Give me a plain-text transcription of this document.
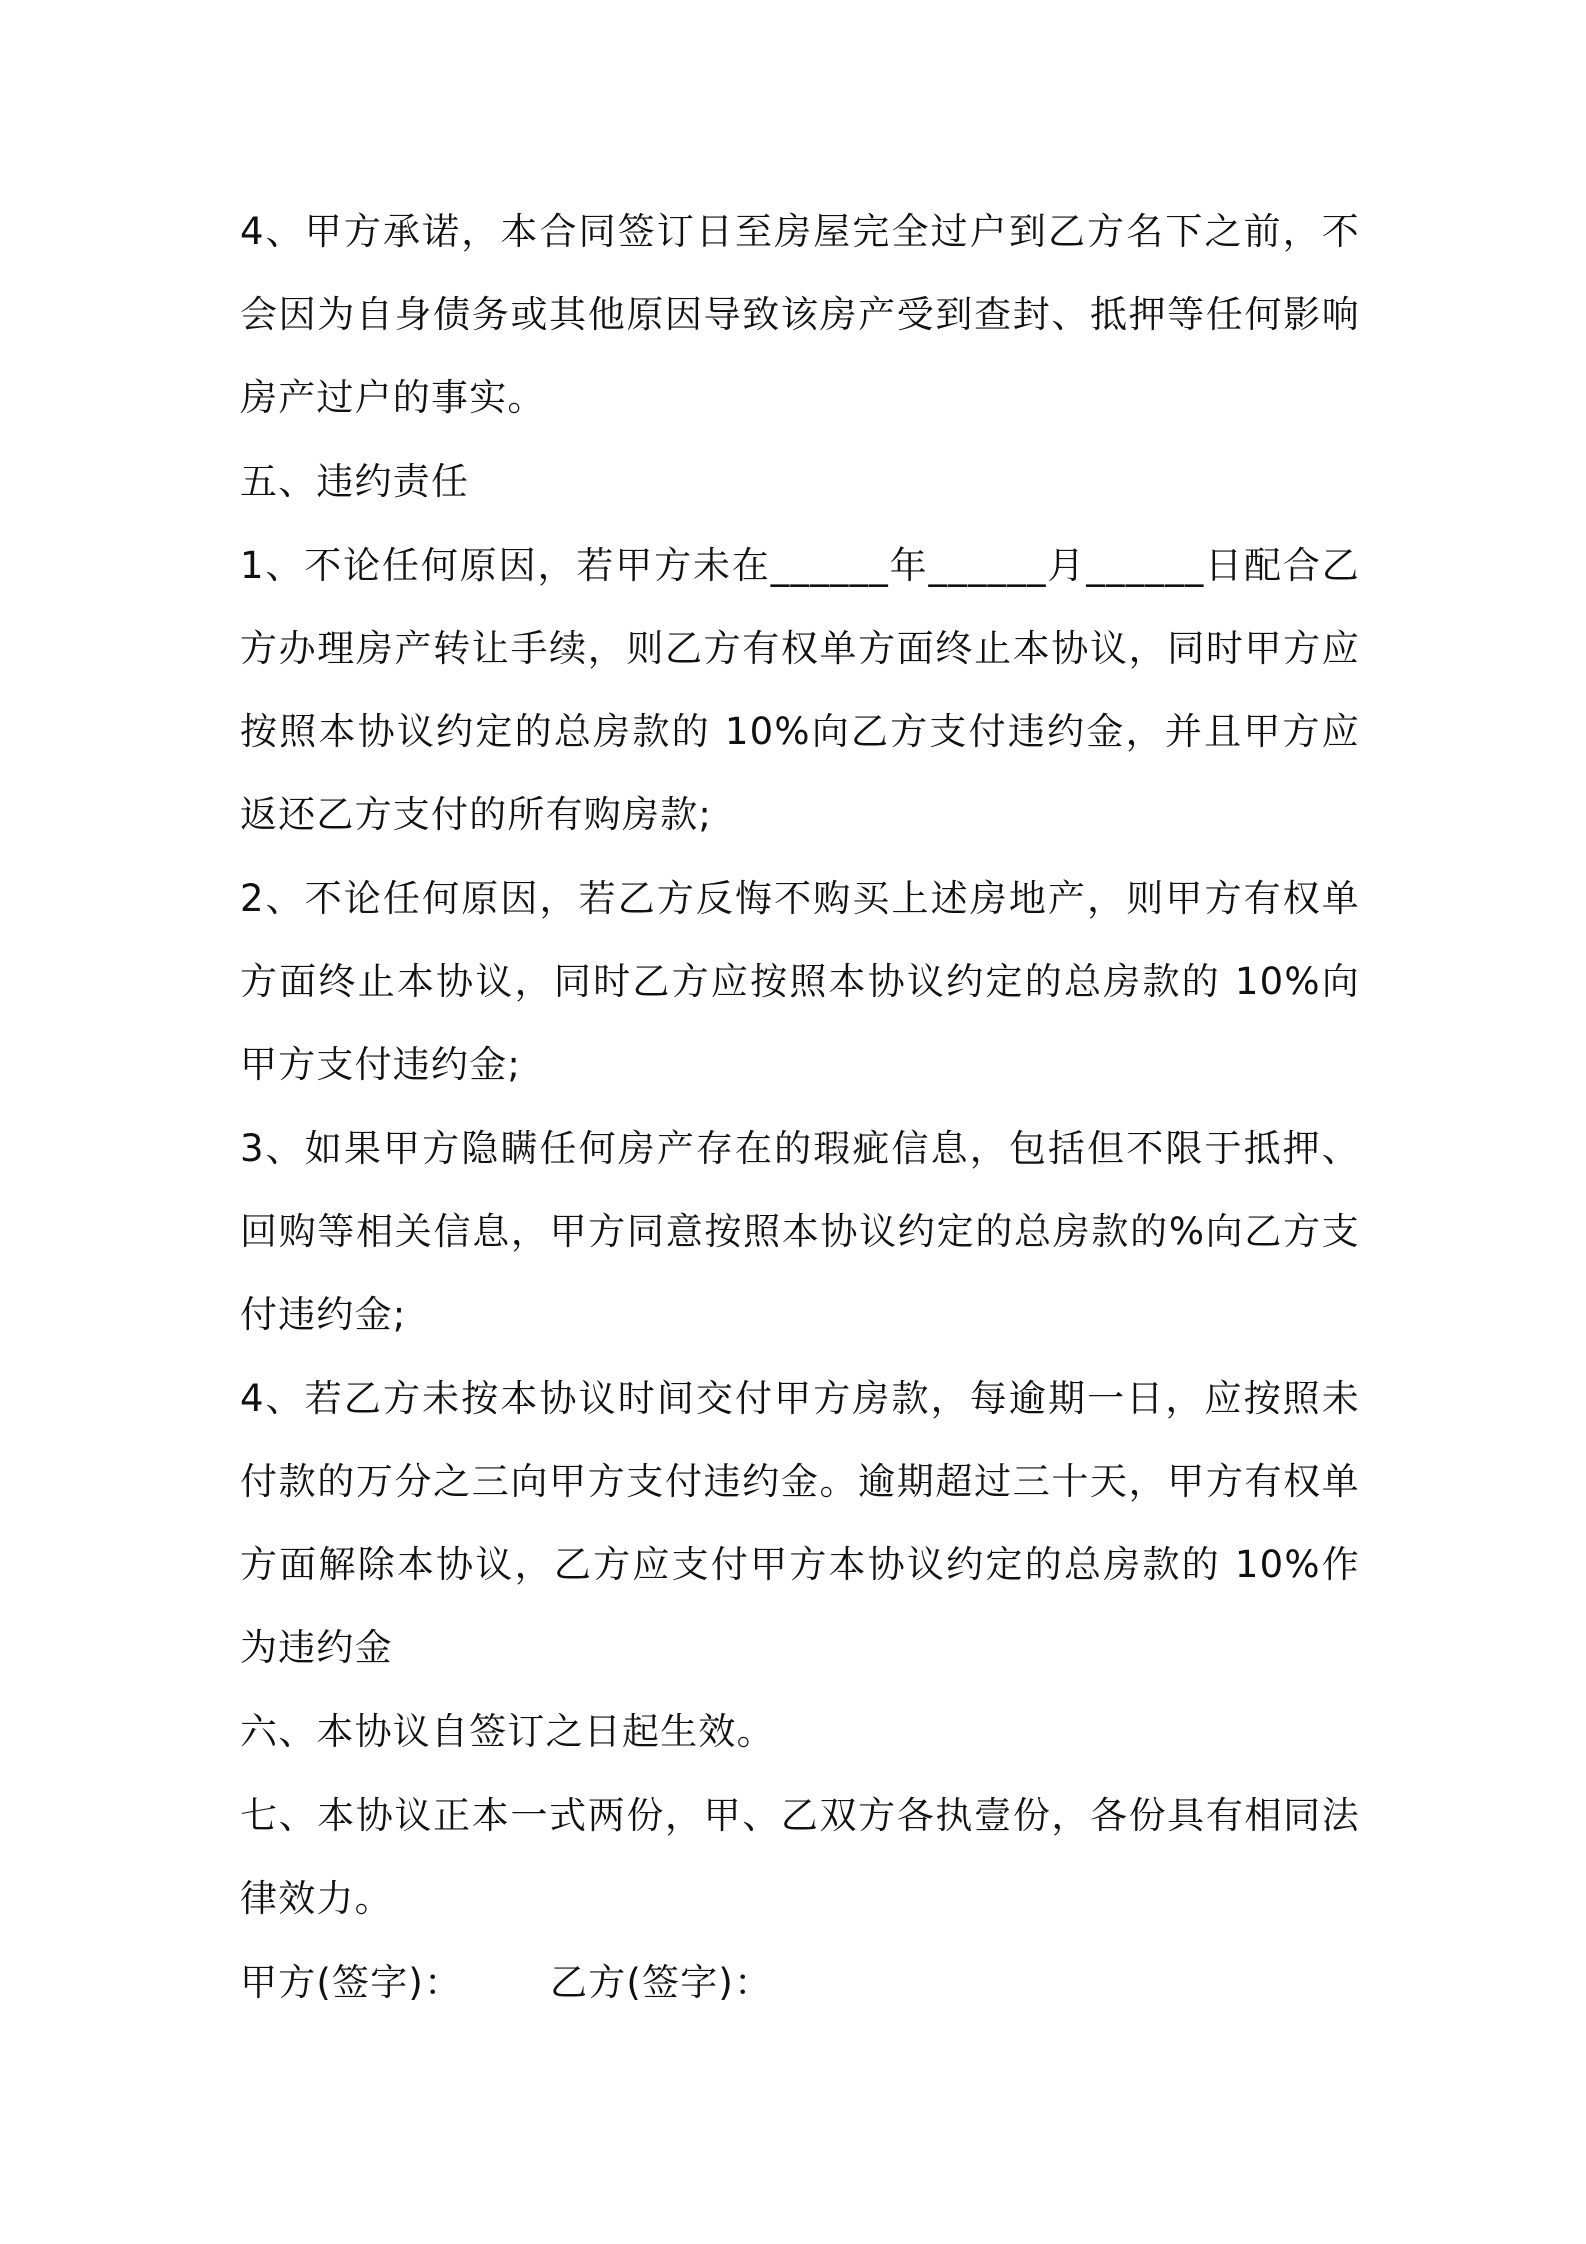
4、甲方承诺，本合同签订日至房屋完全过户到乙方名下之前，不会因为自身债务或其他原因导致该房产受到查封、抵押等任何影响房产过户的事实。

五、违约责任

1、不论任何原因，若甲方未在______年______月______日配合乙方办理房产转让手续，则乙方有权单方面终止本协议，同时甲方应按照本协议约定的总房款的 10%向乙方支付违约金，并且甲方应返还乙方支付的所有购房款;

2、不论任何原因，若乙方反悔不购买上述房地产，则甲方有权单方面终止本协议，同时乙方应按照本协议约定的总房款的 10%向甲方支付违约金;

3、如果甲方隐瞒任何房产存在的瑕疵信息，包括但不限于抵押、回购等相关信息，甲方同意按照本协议约定的总房款的%向乙方支付违约金;

4、若乙方未按本协议时间交付甲方房款，每逾期一日，应按照未付款的万分之三向甲方支付违约金。逾期超过三十天，甲方有权单方面解除本协议，乙方应支付甲方本协议约定的总房款的 10%作为违约金

六、本协议自签订之日起生效。

七、本协议正本一式两份，甲、乙双方各执壹份，各份具有相同法律效力。

甲方(签字)：	乙方(签字)：
